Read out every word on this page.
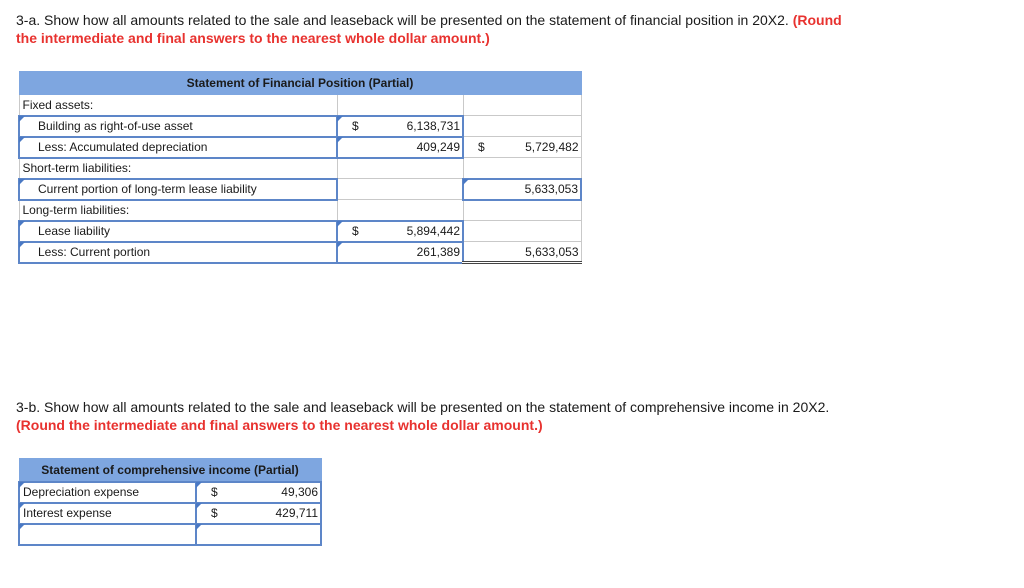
3-a. Show how all amounts related to the sale and leaseback will be presented on the statement of financial position in 20X2. (Round
the intermediate and final answers to the nearest whole dollar amount.)
Statement of Financial Position (Partial)		
Fixed assets:		
Building as right-of-use asset	$ 6,138,731	

Less: Accumulated depreciation	409,249	$ 5,729,482

Short-term liabilities:		
Current portion of long-term lease liability		5,633,053
Long-term liabilities:		
Lease liability	$ 5,894,442	

Less: Current portion	261,389	5,633,053
3-b. Show how all amounts related to the sale and leaseback will be presented on the statement of comprehensive income in 20X2.
(Round the intermediate and final answers to the nearest whole dollar amount.)
Statement of comprehensive income (Partial)	
Depreciation expense	$ 49,306

Interest expense	$ 429,711
